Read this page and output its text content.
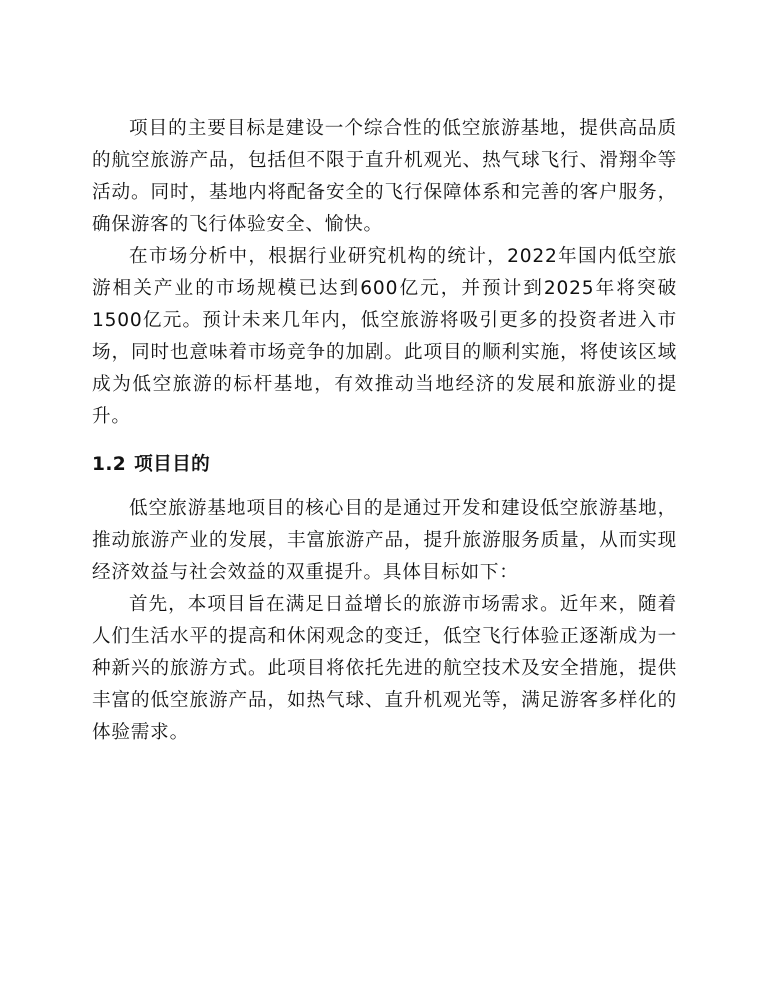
项目的主要目标是建设一个综合性的低空旅游基地，提供高品质的航空旅游产品，包括但不限于直升机观光、热气球飞行、滑翔伞等活动。同时，基地内将配备安全的飞行保障体系和完善的客户服务，确保游客的飞行体验安全、愉快。

在市场分析中，根据行业研究机构的统计，2022年国内低空旅游相关产业的市场规模已达到600亿元，并预计到2025年将突破1500亿元。预计未来几年内，低空旅游将吸引更多的投资者进入市场，同时也意味着市场竞争的加剧。此项目的顺利实施，将使该区域成为低空旅游的标杆基地，有效推动当地经济的发展和旅游业的提升。

1.2 项目目的

低空旅游基地项目的核心目的是通过开发和建设低空旅游基地，推动旅游产业的发展，丰富旅游产品，提升旅游服务质量，从而实现经济效益与社会效益的双重提升。具体目标如下：

首先，本项目旨在满足日益增长的旅游市场需求。近年来，随着人们生活水平的提高和休闲观念的变迁，低空飞行体验正逐渐成为一种新兴的旅游方式。此项目将依托先进的航空技术及安全措施，提供丰富的低空旅游产品，如热气球、直升机观光等，满足游客多样化的体验需求。
